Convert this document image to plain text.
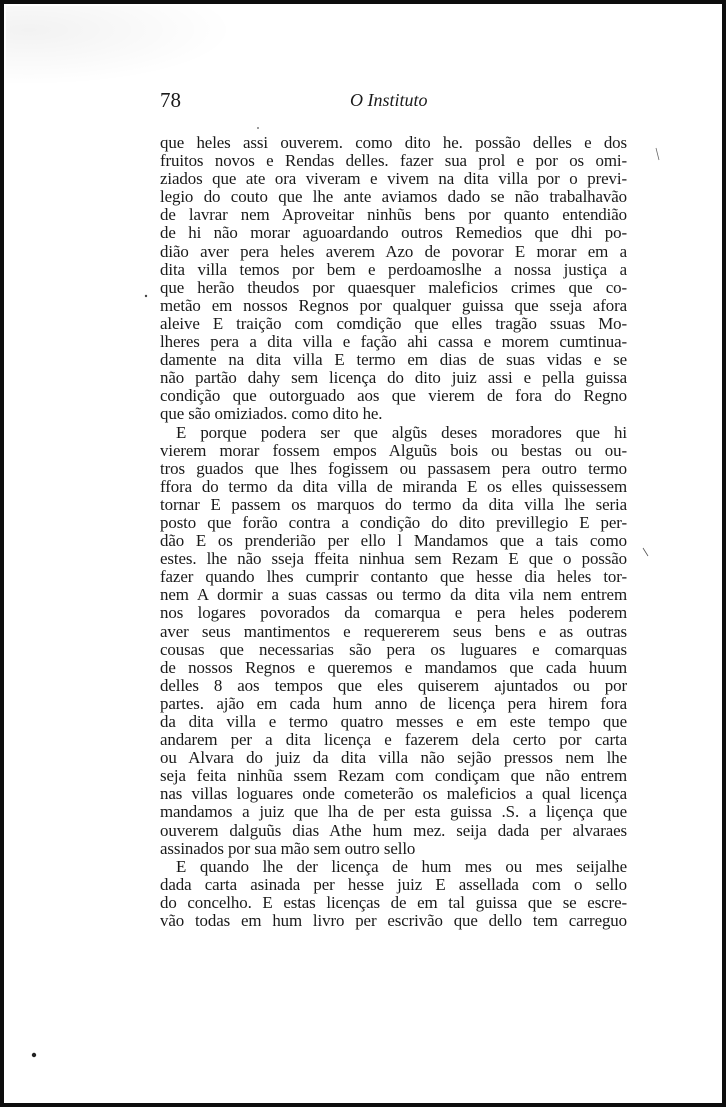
78	O Instituto
que heles assi ouverem. como dito he. possão delles e dos
fruitos novos e Rendas delles. fazer sua prol e por os omi-
ziados que ate ora viveram e vivem na dita villa por o previ-
legio do couto que lhe ante aviamos dado se não trabalhavão
de lavrar nem Aproveitar ninhũs bens por quanto entendião
de hi não morar aguoardando outros Remedios que dhi po-
dião aver pera heles averem Azo de povorar E morar em a
dita villa temos por bem e perdoamoslhe a nossa justiça a
que herão theudos por quaesquer maleficios crimes que co-
metão em nossos Regnos por qualquer guissa que sseja afora
aleive E traição com comdição que elles tragão ssuas Mo-
lheres pera a dita villa e fação ahi cassa e morem cumtinua-
damente na dita villa E termo em dias de suas vidas e se
não partão dahy sem licença do dito juiz assi e pella guissa
condição que outorguado aos que vierem de fora do Regno
que são omiziados. como dito he.
E porque podera ser que algũs deses moradores que hi
vierem morar fossem empos Alguũs bois ou bestas ou ou-
tros guados que lhes fogissem ou passasem pera outro termo
ffora do termo da dita villa de miranda E os elles quissessem
tornar E passem os marquos do termo da dita villa lhe seria
posto que forão contra a condição do dito previllegio E per-
dão E os prenderião per ello l Mandamos que a tais como
estes. lhe não sseja ffeita ninhua sem Rezam E que o possão
fazer quando lhes cumprir contanto que hesse dia heles tor-
nem A dormir a suas cassas ou termo da dita vila nem entrem
nos logares povorados da comarqua e pera heles poderem
aver seus mantimentos e requererem seus bens e as outras
cousas que necessarias são pera os luguares e comarquas
de nossos Regnos e queremos e mandamos que cada huum
delles 8 aos tempos que eles quiserem ajuntados ou por
partes. ajão em cada hum anno de licença pera hirem fora
da dita villa e termo quatro messes e em este tempo que
andarem per a dita licença e fazerem dela certo por carta
ou Alvara do juiz da dita villa não sejão pressos nem lhe
seja feita ninhũa ssem Rezam com condiçam que não entrem
nas villas loguares onde cometerão os maleficios a qual licença
mandamos a juiz que lha de per esta guissa .S. a liçença que
ouverem dalguũs dias Athe hum mez. seija dada per alvaraes
assinados por sua mão sem outro sello
E quando lhe der licença de hum mes ou mes seijalhe
dada carta asinada per hesse juiz E assellada com o sello
do concelho. E estas licenças de em tal guissa que se escre-
vão todas em hum livro per escrivão que dello tem carreguo
